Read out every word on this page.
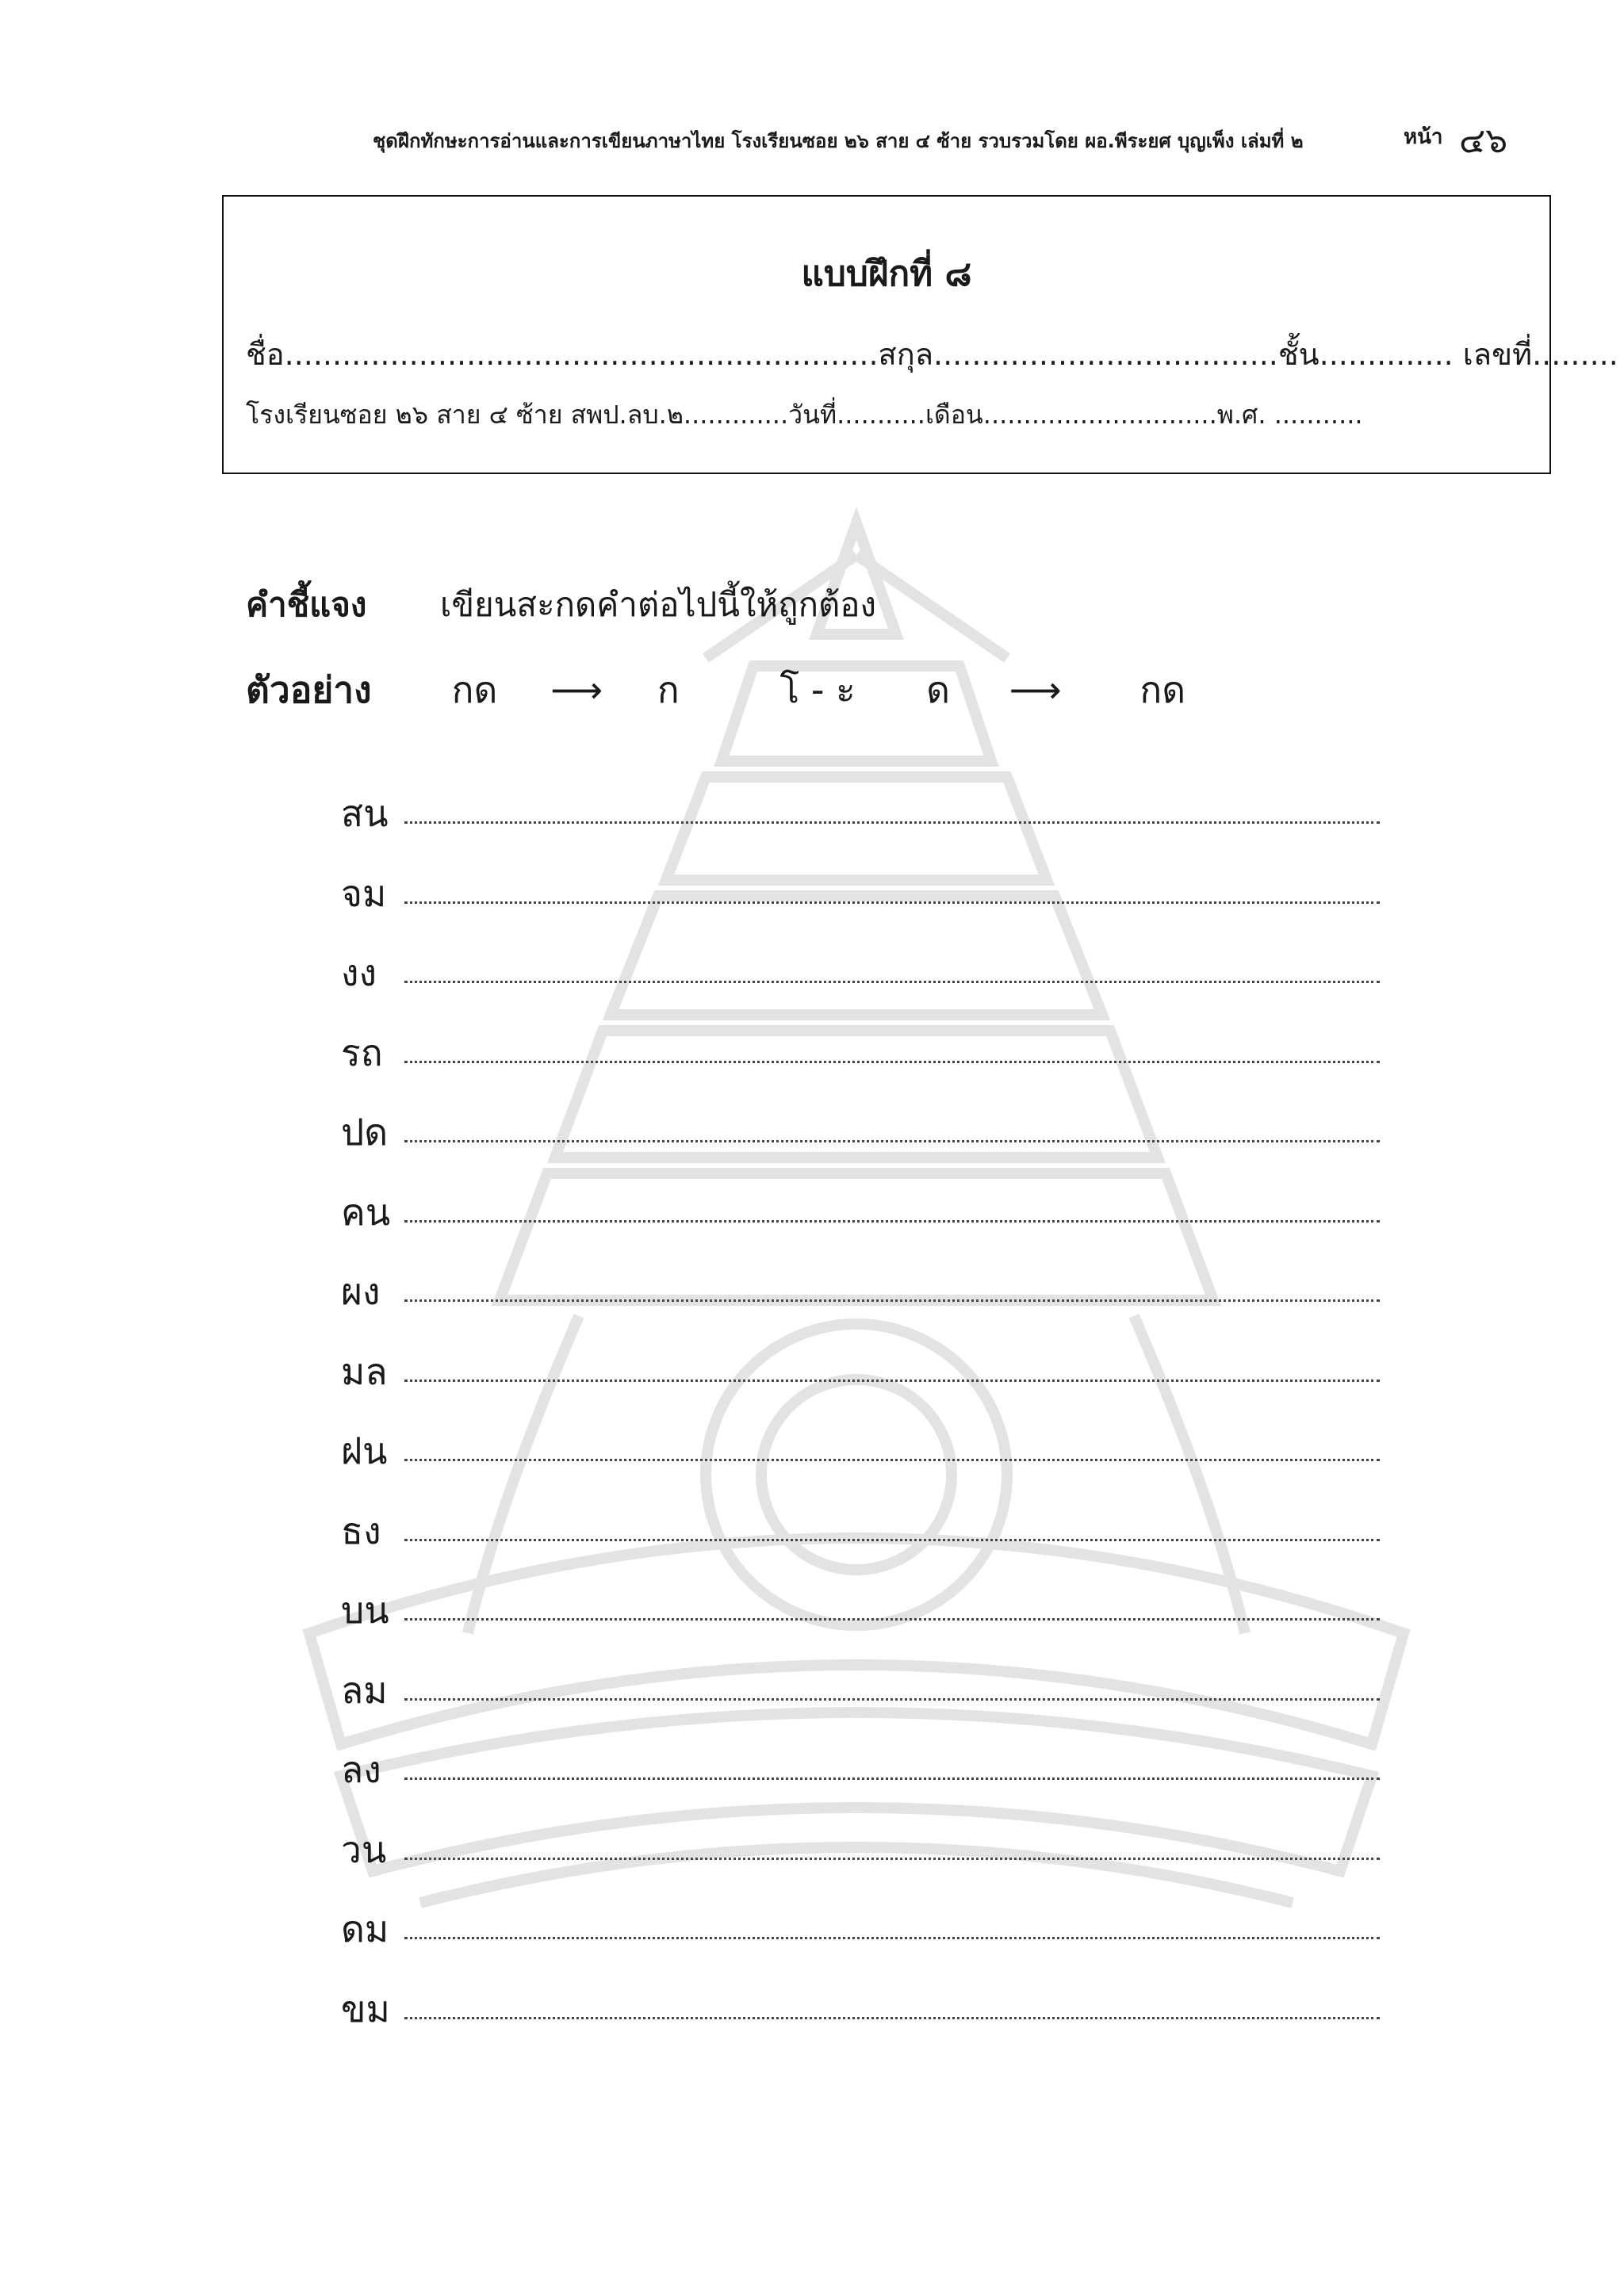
ชุดฝึกทักษะการอ่านและการเขียนภาษาไทย โรงเรียนซอย ๒๖ สาย ๔ ซ้าย รวบรวมโดย ผอ.พีระยศ บุญเพ็ง เล่มที่ ๒	หน้า ๔๖
แบบฝึกที่ ๘
ชื่อ..............................................................สกุล....................................ชั้น.............. เลขที่.........
โรงเรียนซอย ๒๖ สาย ๔ ซ้าย สพป.ลบ.๒.............วันที่...........เดือน.............................พ.ศ. ...........
คำชี้แจง เขียนสะกดคำต่อไปนี้ให้ถูกต้อง
ตัวอย่าง กด ⟶ ก	โ - ะ ด ⟶ กด
สน
จม
งง
รถ
ปด
คน
ผง
มล
ฝน
ธง
บน
ลม
ลง
วน
ดม
ขม
